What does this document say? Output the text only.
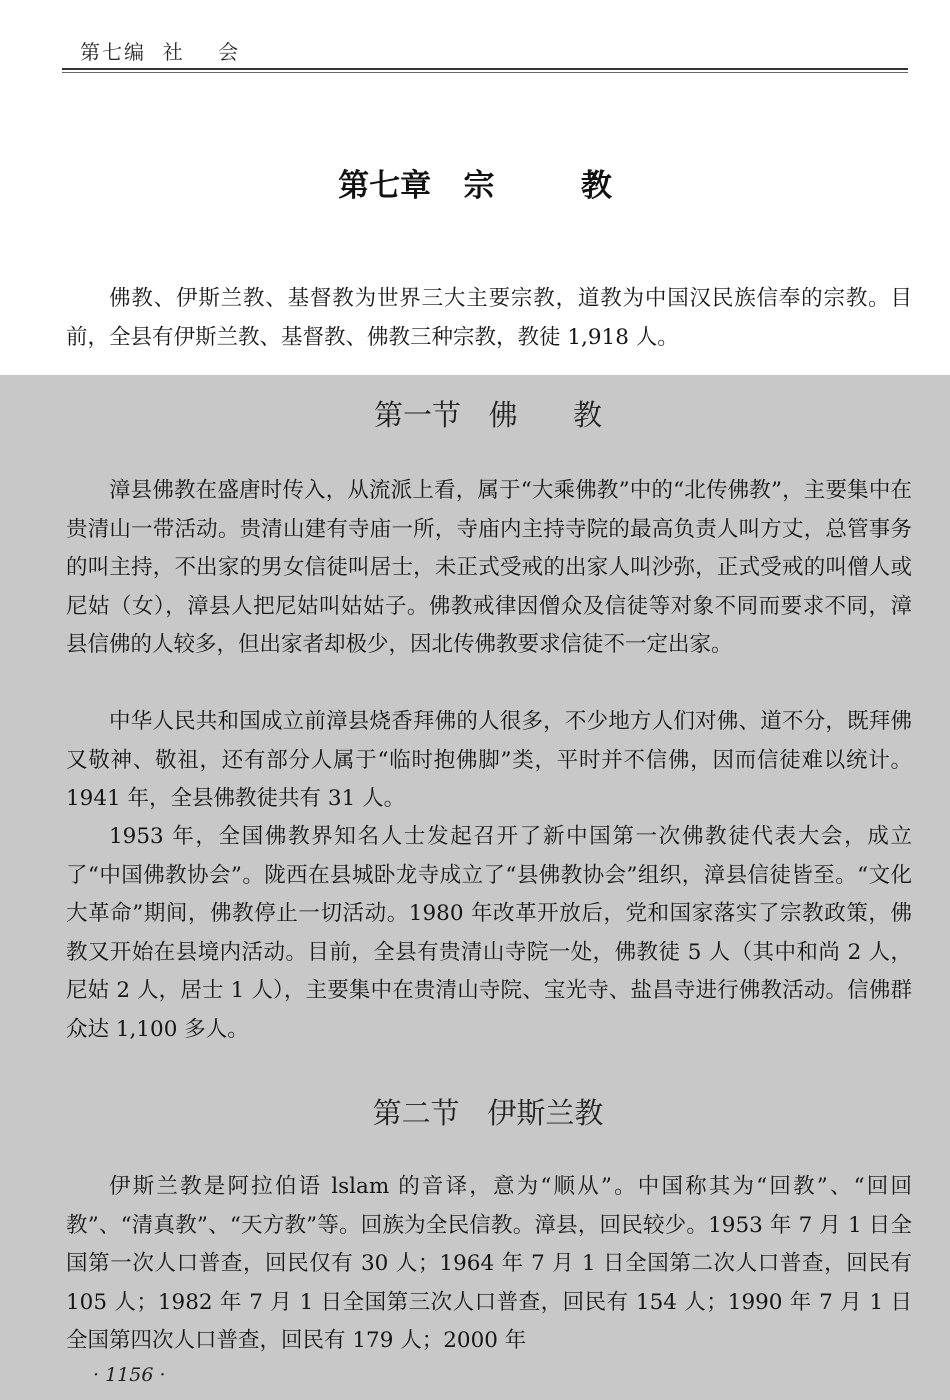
第七编  社    会
第七章   宗        教

佛教、伊斯兰教、基督教为世界三大主要宗教，道教为中国汉民族信奉的宗教。目前，全县有伊斯兰教、基督教、佛教三种宗教，教徒 1,918 人。

第一节   佛      教

漳县佛教在盛唐时传入，从流派上看，属于“大乘佛教”中的“北传佛教”，主要集中在贵清山一带活动。贵清山建有寺庙一所，寺庙内主持寺院的最高负责人叫方丈，总管事务的叫主持，不出家的男女信徒叫居士，未正式受戒的出家人叫沙弥，正式受戒的叫僧人或尼姑（女），漳县人把尼姑叫姑姑子。佛教戒律因僧众及信徒等对象不同而要求不同，漳县信佛的人较多，但出家者却极少，因北传佛教要求信徒不一定出家。

中华人民共和国成立前漳县烧香拜佛的人很多，不少地方人们对佛、道不分，既拜佛又敬神、敬祖，还有部分人属于“临时抱佛脚”类，平时并不信佛，因而信徒难以统计。1941 年，全县佛教徒共有 31 人。

1953 年，全国佛教界知名人士发起召开了新中国第一次佛教徒代表大会，成立了“中国佛教协会”。陇西在县城卧龙寺成立了“县佛教协会”组织，漳县信徒皆至。“文化大革命”期间，佛教停止一切活动。1980 年改革开放后，党和国家落实了宗教政策，佛教又开始在县境内活动。目前，全县有贵清山寺院一处，佛教徒 5 人（其中和尚 2 人，尼姑 2 人，居士 1 人），主要集中在贵清山寺院、宝光寺、盐昌寺进行佛教活动。信佛群众达 1,100 多人。

第二节   伊斯兰教

伊斯兰教是阿拉伯语 lslam 的音译，意为“顺从”。中国称其为“回教”、“回回教”、“清真教”、“天方教”等。回族为全民信教。漳县，回民较少。1953 年 7 月 1 日全国第一次人口普查，回民仅有 30 人；1964 年 7 月 1 日全国第二次人口普查，回民有 105 人；1982 年 7 月 1 日全国第三次人口普查，回民有 154 人；1990 年 7 月 1 日全国第四次人口普查，回民有 179 人；2000 年

· 1156 ·
